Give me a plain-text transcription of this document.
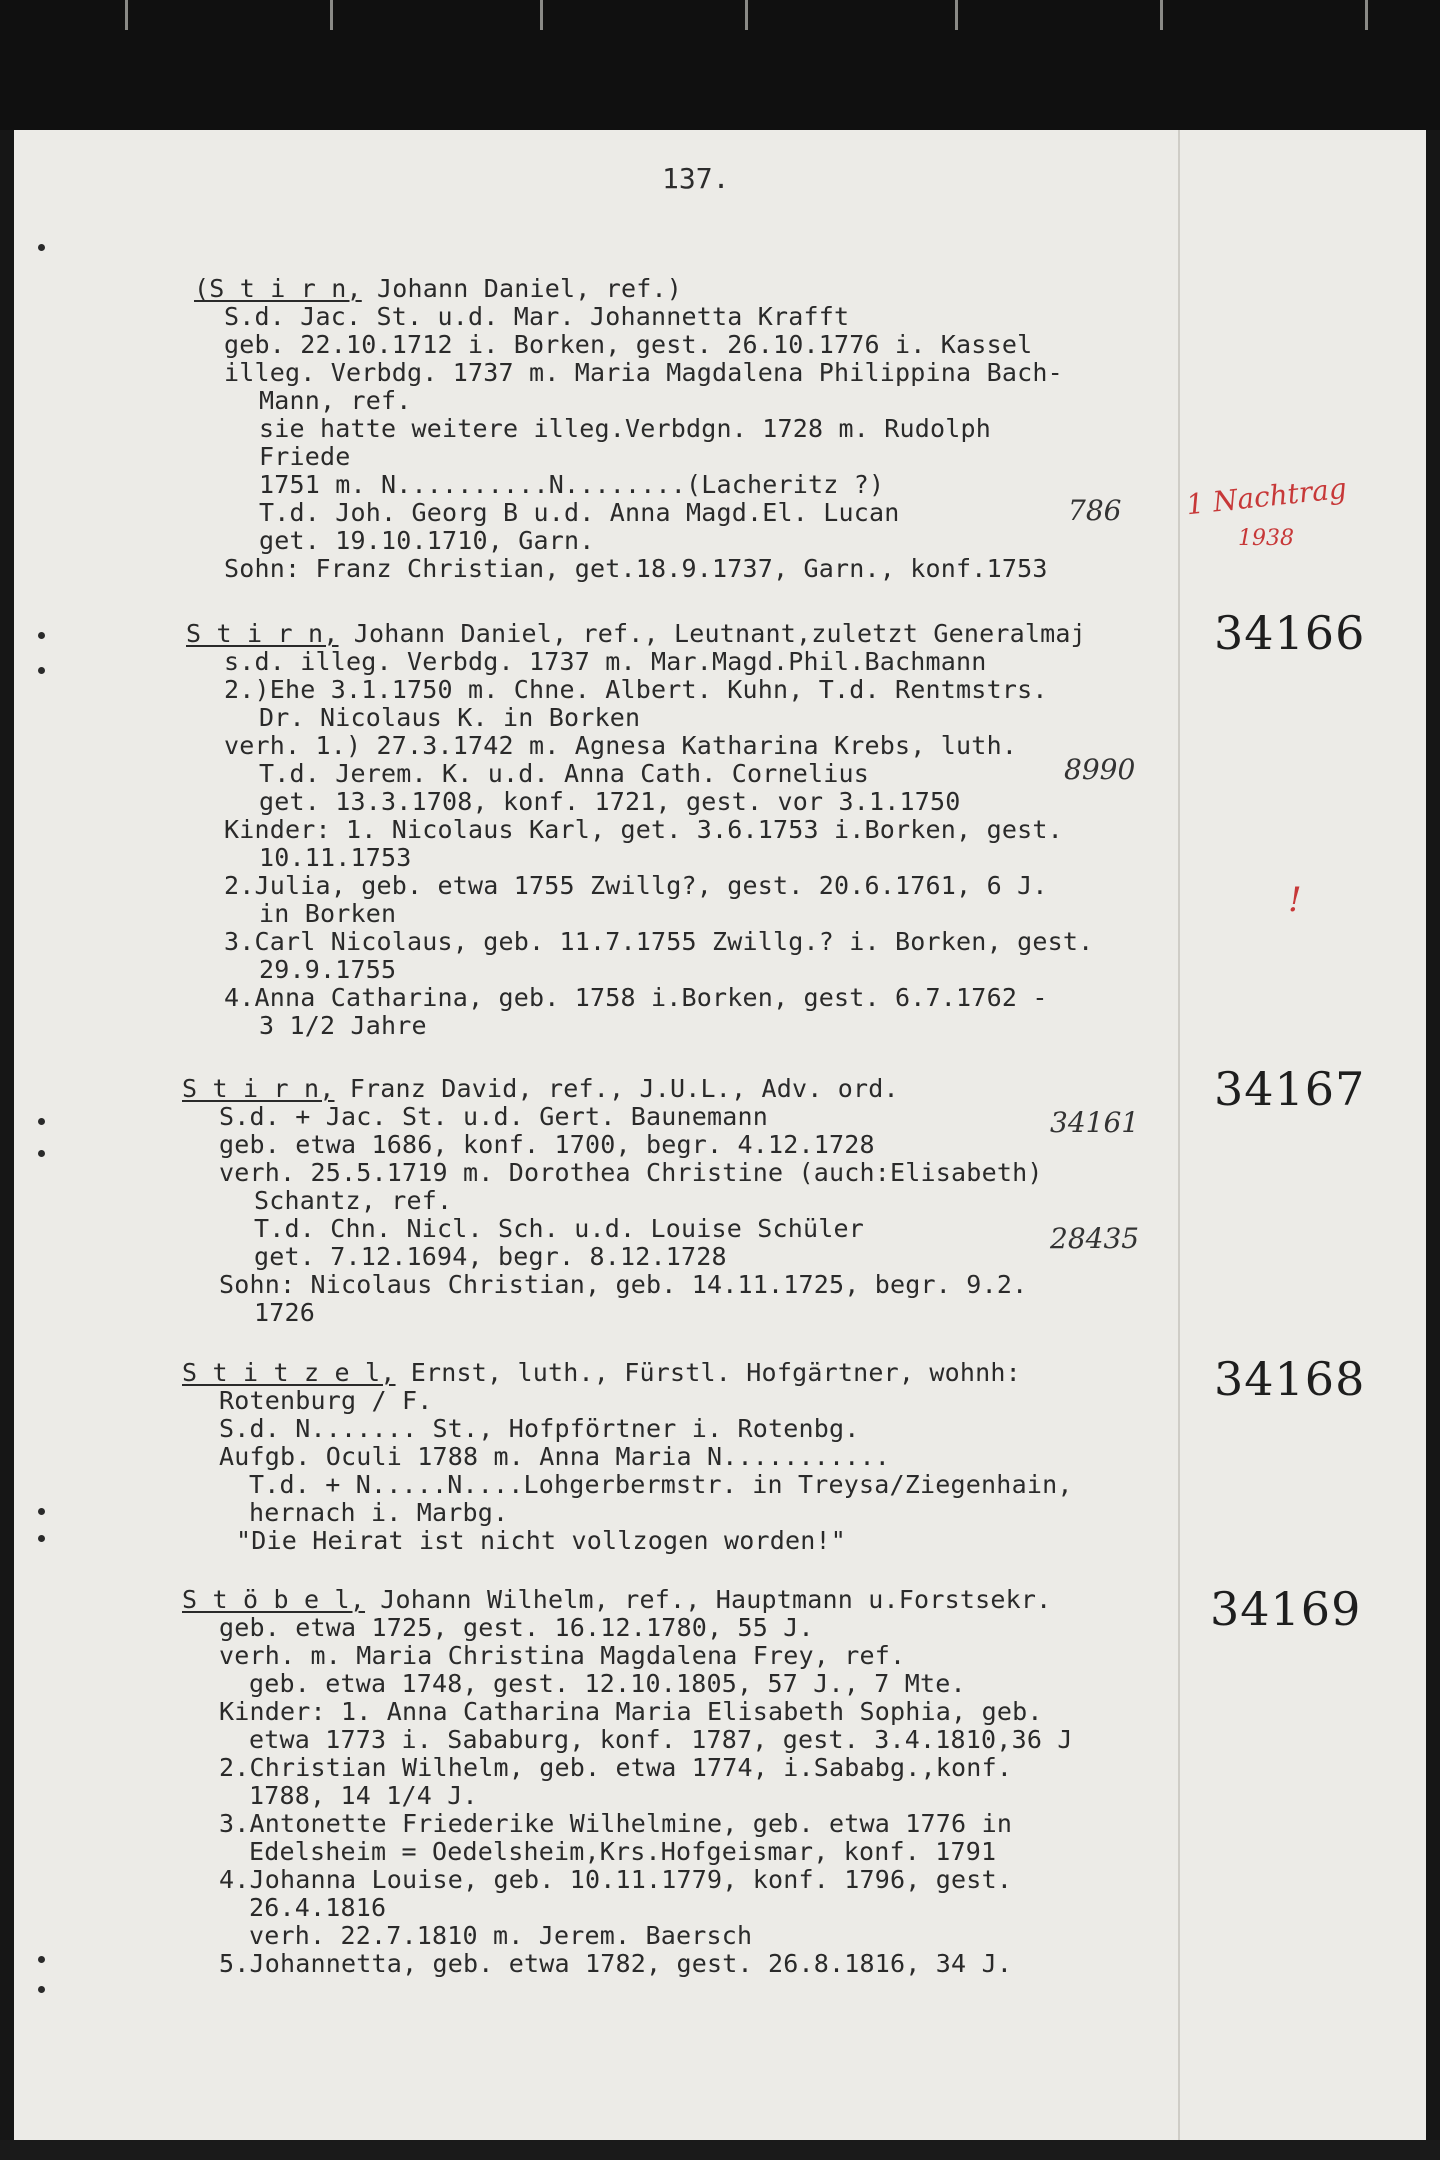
137.
(S t i r n, Johann Daniel, ref.)
S.d. Jac. St. u.d. Mar. Johannetta Krafft
geb. 22.10.1712 i. Borken, gest. 26.10.1776 i. Kassel
illeg. Verbdg. 1737 m. Maria Magdalena Philippina Bach-
Mann, ref.
sie hatte weitere illeg.Verbdgn. 1728 m. Rudolph
Friede
1751 m. N..........N........(Lacheritz ?)
T.d. Joh. Georg B u.d. Anna Magd.El. Lucan
get. 19.10.1710, Garn.
Sohn: Franz Christian, get.18.9.1737, Garn., konf.1753
786 1 Nachtrag
1938
S t i r n, Johann Daniel, ref., Leutnant,zuletzt Generalmaj	34166
s.d. illeg. Verbdg. 1737 m. Mar.Magd.Phil.Bachmann
2.)Ehe 3.1.1750 m. Chne. Albert. Kuhn, T.d. Rentmstrs.
Dr. Nicolaus K. in Borken
verh. 1.) 27.3.1742 m. Agnesa Katharina Krebs, luth.
T.d. Jerem. K. u.d. Anna Cath. Cornelius
get. 13.3.1708, konf. 1721, gest. vor 3.1.1750
Kinder: 1. Nicolaus Karl, get. 3.6.1753 i.Borken, gest.
10.11.1753
2.Julia, geb. etwa 1755 Zwillg?, gest. 20.6.1761, 6 J.
in Borken
3.Carl Nicolaus, geb. 11.7.1755 Zwillg.? i. Borken, gest.
29.9.1755
4.Anna Catharina, geb. 1758 i.Borken, gest. 6.7.1762 -
3 1/2 Jahre
8990
!
S t i r n, Franz David, ref., J.U.L., Adv. ord.	34167
S.d. + Jac. St. u.d. Gert. Baunemann
geb. etwa 1686, konf. 1700, begr. 4.12.1728
verh. 25.5.1719 m. Dorothea Christine (auch:Elisabeth)
Schantz, ref.
T.d. Chn. Nicl. Sch. u.d. Louise Schüler
get. 7.12.1694, begr. 8.12.1728
Sohn: Nicolaus Christian, geb. 14.11.1725, begr. 9.2.
1726
34161
28435
S t i t z e l, Ernst, luth., Fürstl. Hofgärtner, wohnh:	34168
Rotenburg / F.
S.d. N....... St., Hofpförtner i. Rotenbg.
Aufgb. Oculi 1788 m. Anna Maria N...........
T.d. + N.....N....Lohgerbermstr. in Treysa/Ziegenhain,
hernach i. Marbg.
"Die Heirat ist nicht vollzogen worden!"
S t ö b e l, Johann Wilhelm, ref., Hauptmann u.Forstsekr.	34169
geb. etwa 1725, gest. 16.12.1780, 55 J.
verh. m. Maria Christina Magdalena Frey, ref.
geb. etwa 1748, gest. 12.10.1805, 57 J., 7 Mte.
Kinder: 1. Anna Catharina Maria Elisabeth Sophia, geb.
etwa 1773 i. Sababurg, konf. 1787, gest. 3.4.1810,36 J
2.Christian Wilhelm, geb. etwa 1774, i.Sababg.,konf.
1788, 14 1/4 J.
3.Antonette Friederike Wilhelmine, geb. etwa 1776 in
Edelsheim = Oedelsheim,Krs.Hofgeismar, konf. 1791
4.Johanna Louise, geb. 10.11.1779, konf. 1796, gest.
26.4.1816
verh. 22.7.1810 m. Jerem. Baersch
5.Johannetta, geb. etwa 1782, gest. 26.8.1816, 34 J.
